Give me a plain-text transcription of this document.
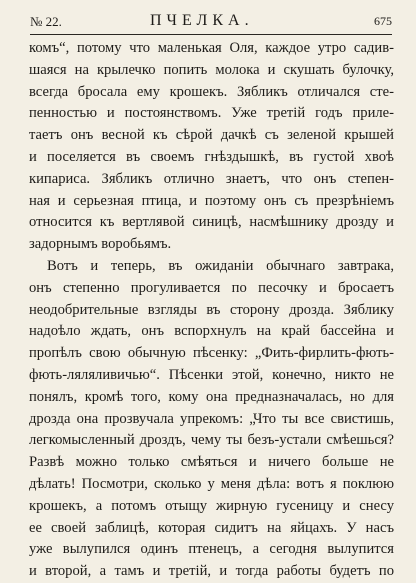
№ 22.	ПЧЕЛКА.	675
комъ“, потому что маленькая Оля, каждое утро садив-
шаяся на крылечко попить молока и скушать булочку,
всегда бросала ему крошекъ. Зябликъ отличался сте-
пенностью и постоянствомъ. Уже третій годъ приле-
таетъ онъ весной къ сѣрой дачкѣ съ зеленой крышей
и поселяется въ своемъ гнѣздышкѣ, въ густой хвоѣ
кипариса. Зябликъ отлично знаетъ, что онъ степен-
ная и серьезная птица, и поэтому онъ съ презрѣніемъ
относится къ вертлявой синицѣ, насмѣшнику дрозду и
задорнымъ воробьямъ.
Вотъ и теперь, въ ожиданіи обычнаго завтрака,
онъ степенно прогуливается по песочку и бросаетъ
неодобрительные взгляды въ сторону дрозда. Зяблику
надоѣло ждать, онъ вспорхнулъ на край бассейна и
пропѣлъ свою обычную пѣсенку: „Фить-фирлить-фють-
фють-ляляливичью“. Пѣсенки этой, конечно, никто не
понялъ, кромѣ того, кому она предназначалась, но для
дрозда она прозвучала упрекомъ: „Что ты все свистишь,
легкомысленный дроздъ, чему ты безъ-устали смѣешься?
Развѣ можно только смѣяться и ничего больше не
дѣлать! Посмотри, сколько у меня дѣла: вотъ я поклюю
крошекъ, а потомъ отыщу жирную гусеницу и снесу
ее своей заблицѣ, которая сидитъ на яйцахъ. У насъ
уже вылупился одинъ птенецъ, а сегодня вылупится
и второй, а тамъ и третій, и тогда работы будетъ по
